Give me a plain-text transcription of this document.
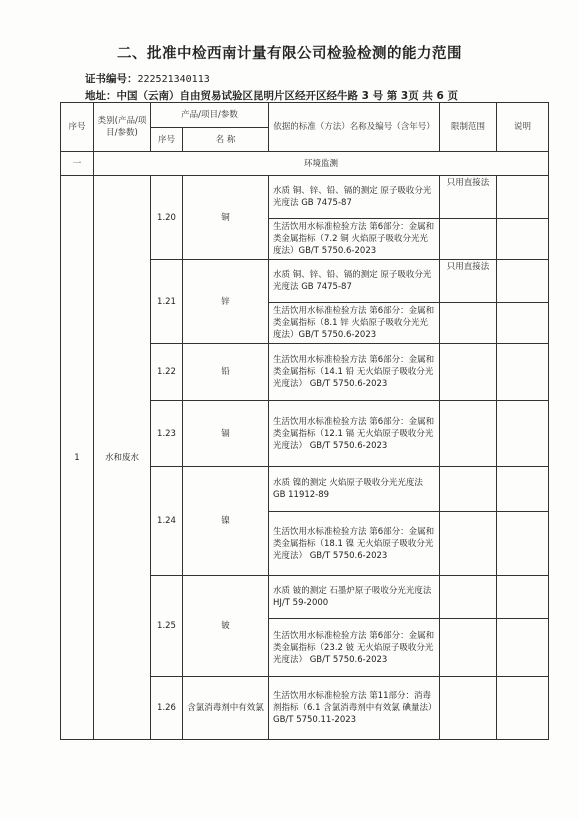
二、批准中检西南计量有限公司检验检测的能力范围
证书编号：222521340113
地址：中国（云南）自由贸易试验区昆明片区经开区经牛路 3 号 第 3页 共 6 页
序号	类别(产品/项目/参数)	产品/项目/参数		依据的标准（方法）名称及编号（含年号）	限制范围	说明
		序号	名 称			
一	环境监测					
1	水和废水	1.20	铜	水质 铜、锌、铅、镉的测定 原子吸收分光光度法 GB 7475-87	只用直接法	
				生活饮用水标准检验方法 第6部分：金属和类金属指标（7.2 铜 火焰原子吸收分光光度法）GB/T 5750.6-2023		
		1.21	锌	水质 铜、锌、铅、镉的测定 原子吸收分光光度法 GB 7475-87	只用直接法	
				生活饮用水标准检验方法 第6部分：金属和类金属指标（8.1 锌 火焰原子吸收分光光度法）GB/T 5750.6-2023		
		1.22	铅	生活饮用水标准检验方法 第6部分：金属和类金属指标（14.1 铅 无火焰原子吸收分光光度法） GB/T 5750.6-2023		
		1.23	镉	生活饮用水标准检验方法 第6部分：金属和类金属指标（12.1 镉 无火焰原子吸收分光光度法） GB/T 5750.6-2023		
		1.24	镍	水质 镍的测定 火焰原子吸收分光光度法 GB 11912-89		
				生活饮用水标准检验方法 第6部分：金属和类金属指标（18.1 镍 无火焰原子吸收分光光度法） GB/T 5750.6-2023		
		1.25	铍	水质 铍的测定 石墨炉原子吸收分光光度法 HJ/T 59-2000		
				生活饮用水标准检验方法 第6部分：金属和类金属指标（23.2 铍 无火焰原子吸收分光光度法） GB/T 5750.6-2023		
		1.26	含氯消毒剂中有效氯	生活饮用水标准检验方法 第11部分：消毒剂指标（6.1 含氯消毒剂中有效氯 碘量法）GB/T 5750.11-2023		
